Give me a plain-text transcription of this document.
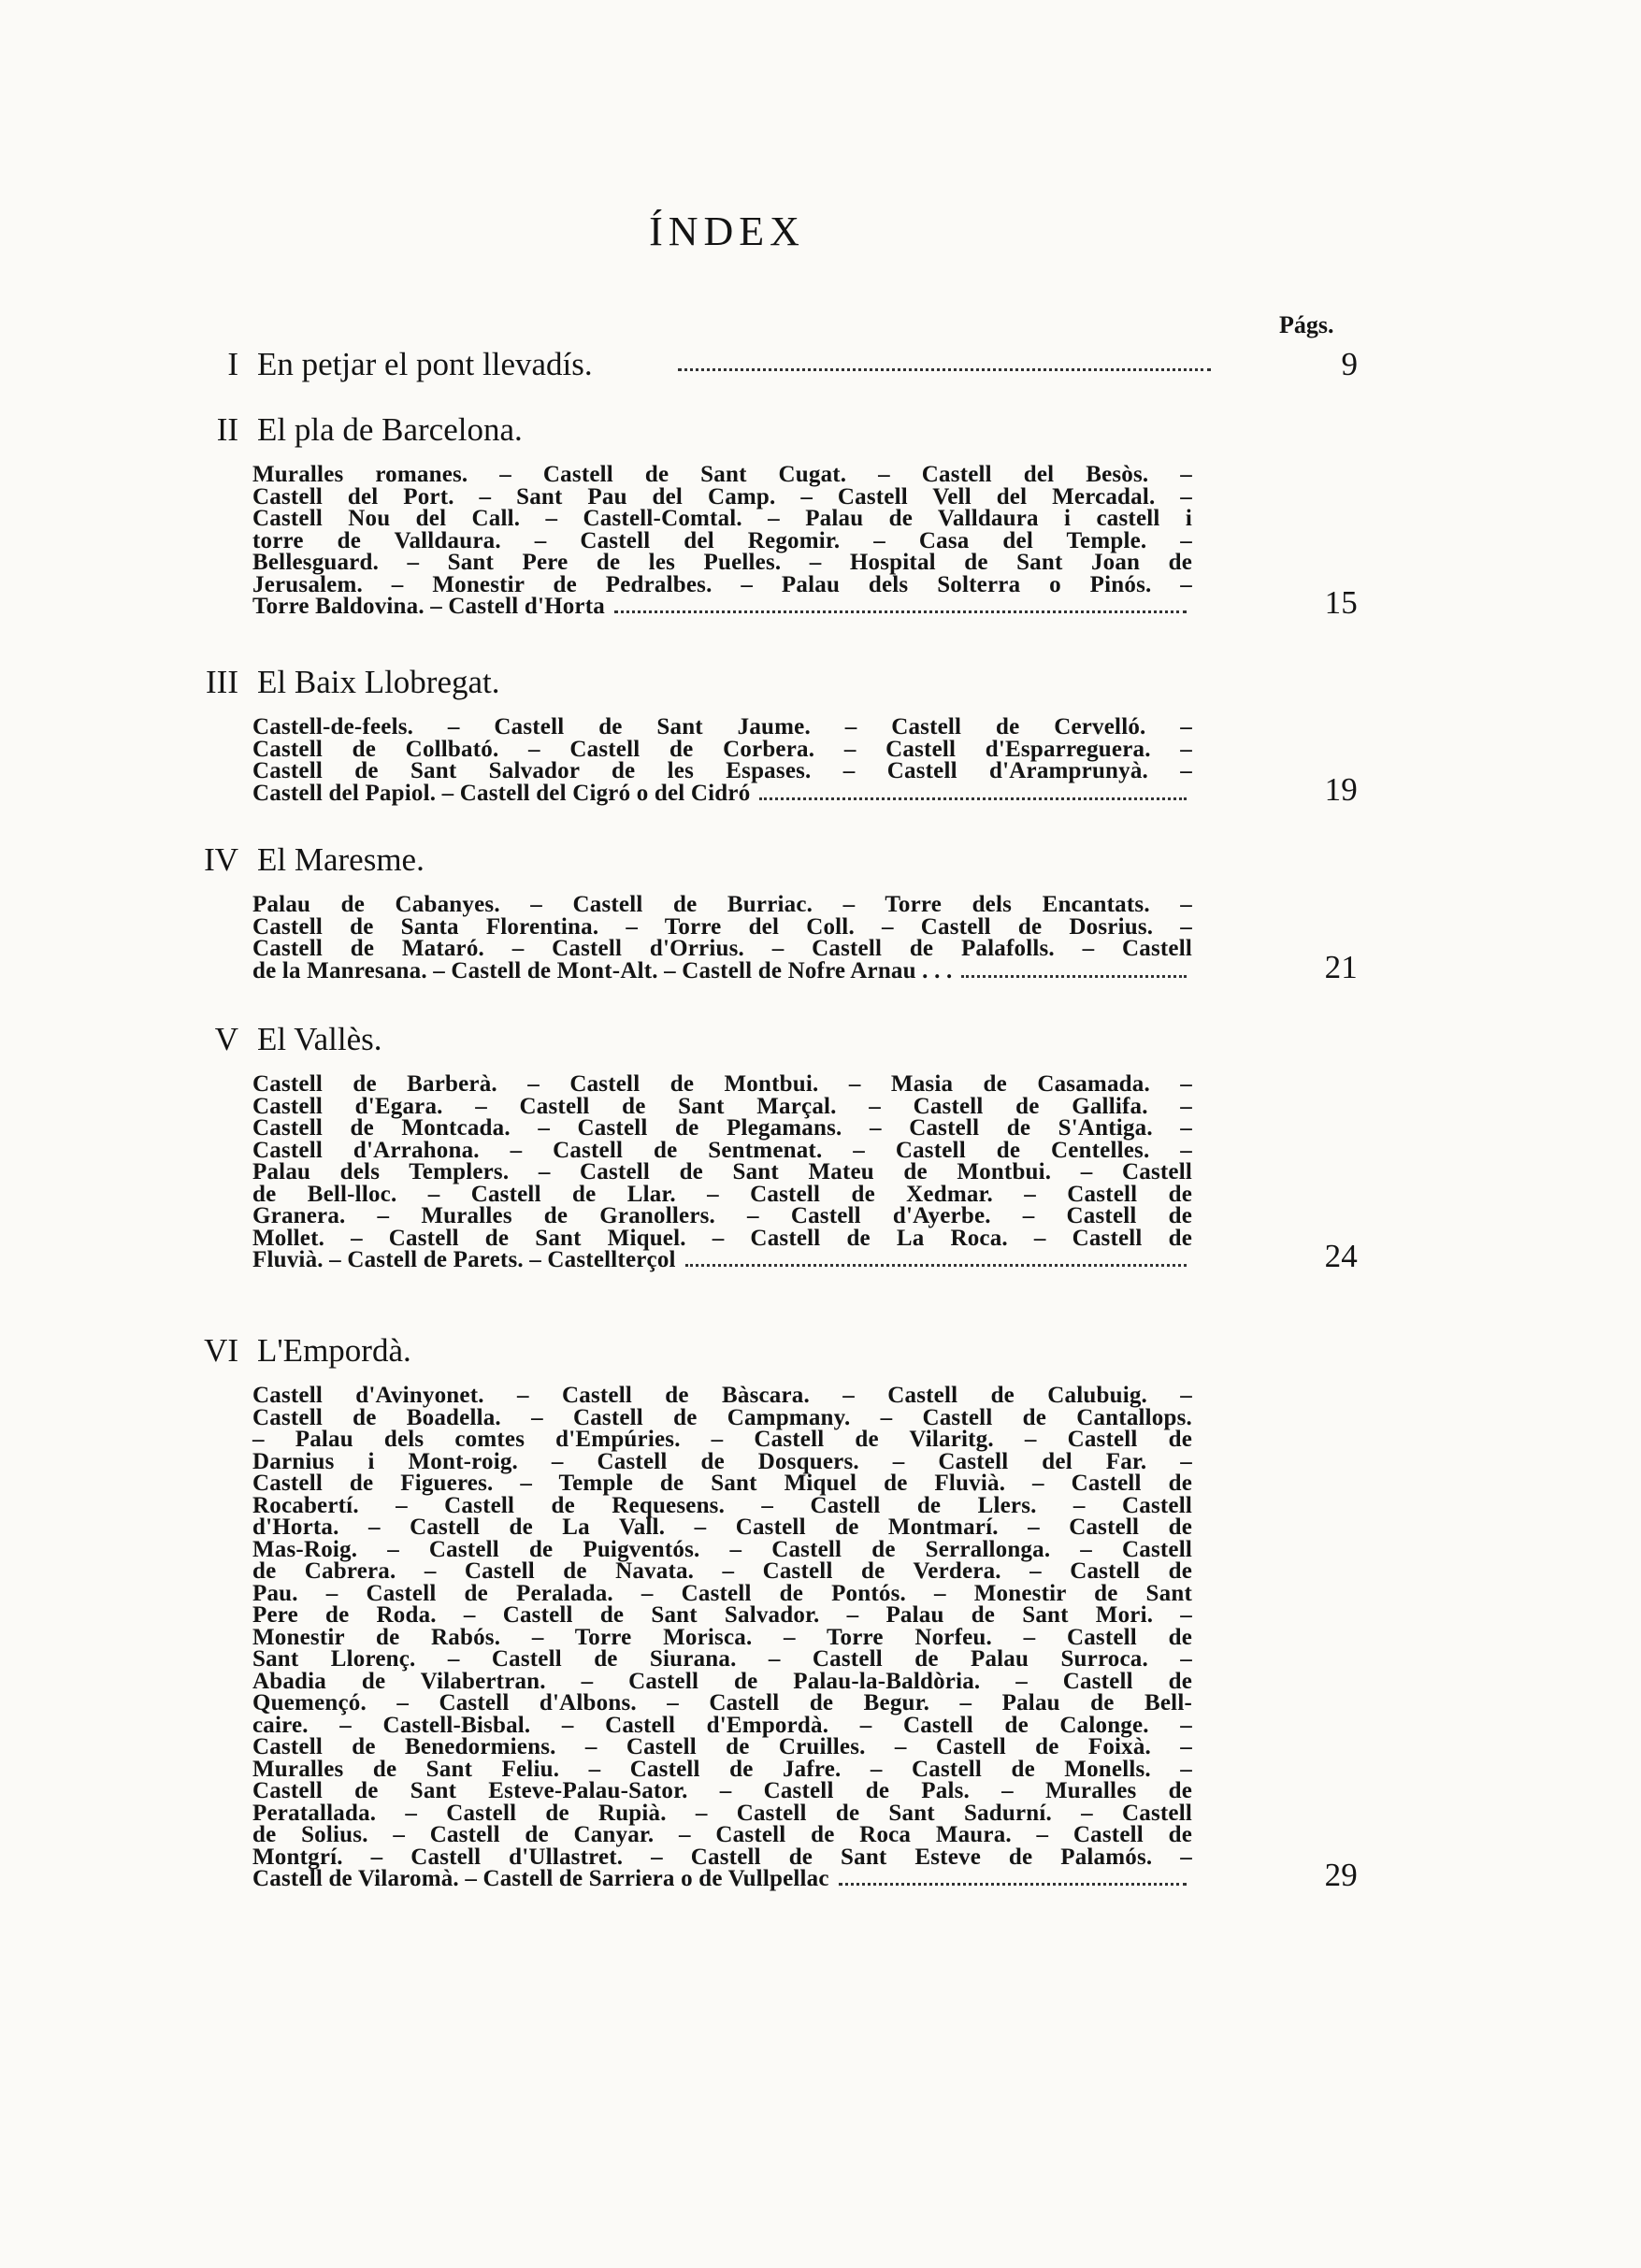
ÍNDEX
Págs.
I En petjar el pont llevadís.	9
II El pla de Barcelona.
Muralles romanes. – Castell de Sant Cugat. – Castell del Besòs. –
Castell del Port. – Sant Pau del Camp. – Castell Vell del Mercadal. –
Castell Nou del Call. – Castell-Comtal. – Palau de Valldaura i castell i
torre de Valldaura. – Castell del Regomir. – Casa del Temple. –
Bellesguard. – Sant Pere de les Puelles. – Hospital de Sant Joan de
Jerusalem. – Monestir de Pedralbes. – Palau dels Solterra o Pinós. –
Torre Baldovina. – Castell d'Horta	15
III El Baix Llobregat.
Castell-de-feels. – Castell de Sant Jaume. – Castell de Cervelló. –
Castell de Collbató. – Castell de Corbera. – Castell d'Esparreguera. –
Castell de Sant Salvador de les Espases. – Castell d'Aramprunyà. –
Castell del Papiol. – Castell del Cigró o del Cidró	19
IV El Maresme.
Palau de Cabanyes. – Castell de Burriac. – Torre dels Encantats. –
Castell de Santa Florentina. – Torre del Coll. – Castell de Dosrius. –
Castell de Mataró. – Castell d'Orrius. – Castell de Palafolls. – Castell
de la Manresana. – Castell de Mont-Alt. – Castell de Nofre Arnau . . .	21
V El Vallès.
Castell de Barberà. – Castell de Montbui. – Masia de Casamada. –
Castell d'Egara. – Castell de Sant Marçal. – Castell de Gallifa. –
Castell de Montcada. – Castell de Plegamans. – Castell de S'Antiga. –
Castell d'Arrahona. – Castell de Sentmenat. – Castell de Centelles. –
Palau dels Templers. – Castell de Sant Mateu de Montbui. – Castell
de Bell-lloc. – Castell de Llar. – Castell de Xedmar. – Castell de
Granera. – Muralles de Granollers. – Castell d'Ayerbe. – Castell de
Mollet. – Castell de Sant Miquel. – Castell de La Roca. – Castell de
Fluvià. – Castell de Parets. – Castellterçol	24
VI L'Empordà.
Castell d'Avinyonet. – Castell de Bàscara. – Castell de Calubuig. –
Castell de Boadella. – Castell de Campmany. – Castell de Cantallops.
– Palau dels comtes d'Empúries. – Castell de Vilaritg. – Castell de
Darnius i Mont-roig. – Castell de Dosquers. – Castell del Far. –
Castell de Figueres. – Temple de Sant Miquel de Fluvià. – Castell de
Rocabertí. – Castell de Requesens. – Castell de Llers. – Castell
d'Horta. – Castell de La Vall. – Castell de Montmarí. – Castell de
Mas-Roig. – Castell de Puigventós. – Castell de Serrallonga. – Castell
de Cabrera. – Castell de Navata. – Castell de Verdera. – Castell de
Pau. – Castell de Peralada. – Castell de Pontós. – Monestir de Sant
Pere de Roda. – Castell de Sant Salvador. – Palau de Sant Mori. –
Monestir de Rabós. – Torre Morisca. – Torre Norfeu. – Castell de
Sant Llorenç. – Castell de Siurana. – Castell de Palau Surroca. –
Abadia de Vilabertran. – Castell de Palau-la-Baldòria. – Castell de
Quemençó. – Castell d'Albons. – Castell de Begur. – Palau de Bell-
caire. – Castell-Bisbal. – Castell d'Empordà. – Castell de Calonge. –
Castell de Benedormiens. – Castell de Cruilles. – Castell de Foixà. –
Muralles de Sant Feliu. – Castell de Jafre. – Castell de Monells. –
Castell de Sant Esteve-Palau-Sator. – Castell de Pals. – Muralles de
Peratallada. – Castell de Rupià. – Castell de Sant Sadurní. – Castell
de Solius. – Castell de Canyar. – Castell de Roca Maura. – Castell de
Montgrí. – Castell d'Ullastret. – Castell de Sant Esteve de Palamós. –
Castell de Vilaromà. – Castell de Sarriera o de Vullpellac	29
